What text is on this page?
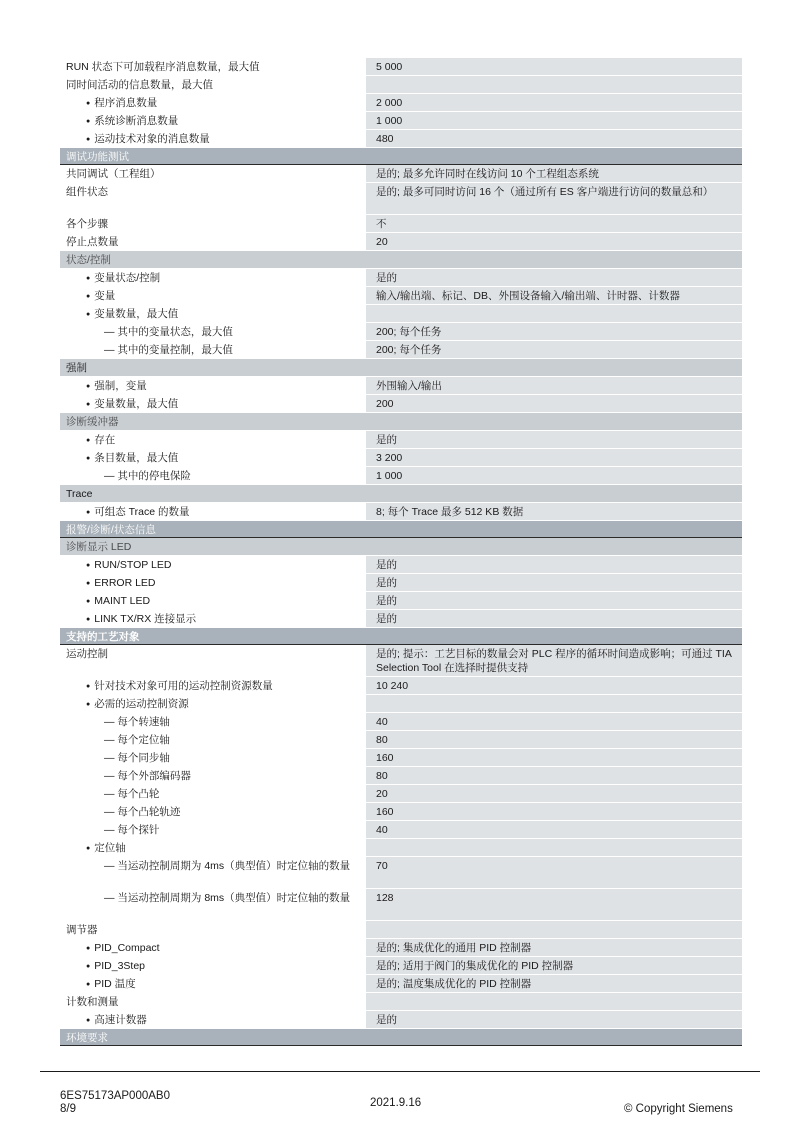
RUN 状态下可加载程序消息数量，最大值	5 000
同时间活动的信息数量，最大值
● 程序消息数量	2 000
● 系统诊断消息数量	1 000
● 运动技术对象的消息数量	480
调试功能测试
共同调试（工程组）	是的; 最多允许同时在线访问 10 个工程组态系统
组件状态	是的; 最多可同时访问 16 个（通过所有 ES 客户端进行访问的数量总和）
各个步骤	不
停止点数量	20
状态/控制
● 变量状态/控制	是的
● 变量	输入/输出端、标记、DB、外围设备输入/输出端、计时器、计数器
● 变量数量，最大值
— 其中的变量状态，最大值	200; 每个任务
— 其中的变量控制，最大值	200; 每个任务
强制
● 强制，变量	外围输入/输出
● 变量数量，最大值	200
诊断缓冲器
● 存在	是的
● 条目数量，最大值	3 200
— 其中的停电保险	1 000
Trace
● 可组态 Trace 的数量	8; 每个 Trace 最多 512 KB 数据
报警/诊断/状态信息
诊断显示 LED
● RUN/STOP LED	是的
● ERROR LED	是的
● MAINT LED	是的
● LINK TX/RX 连接显示	是的
支持的工艺对象
运动控制	是的; 提示：工艺目标的数量会对 PLC 程序的循环时间造成影响；可通过 TIA Selection Tool 在选择时提供支持
● 针对技术对象可用的运动控制资源数量	10 240
● 必需的运动控制资源
— 每个转速轴	40
— 每个定位轴	80
— 每个同步轴	160
— 每个外部编码器	80
— 每个凸轮	20
— 每个凸轮轨迹	160
— 每个探针	40
● 定位轴
— 当运动控制周期为 4ms（典型值）时定位轴的数量	70
— 当运动控制周期为 8ms（典型值）时定位轴的数量	128
调节器
● PID_Compact	是的; 集成优化的通用 PID 控制器
● PID_3Step	是的; 适用于阀门的集成优化的 PID 控制器
● PID 温度	是的; 温度集成优化的 PID 控制器
计数和测量
● 高速计数器	是的
环境要求
6ES75173AP000AB0
8/9	2021.9.16	© Copyright Siemens
